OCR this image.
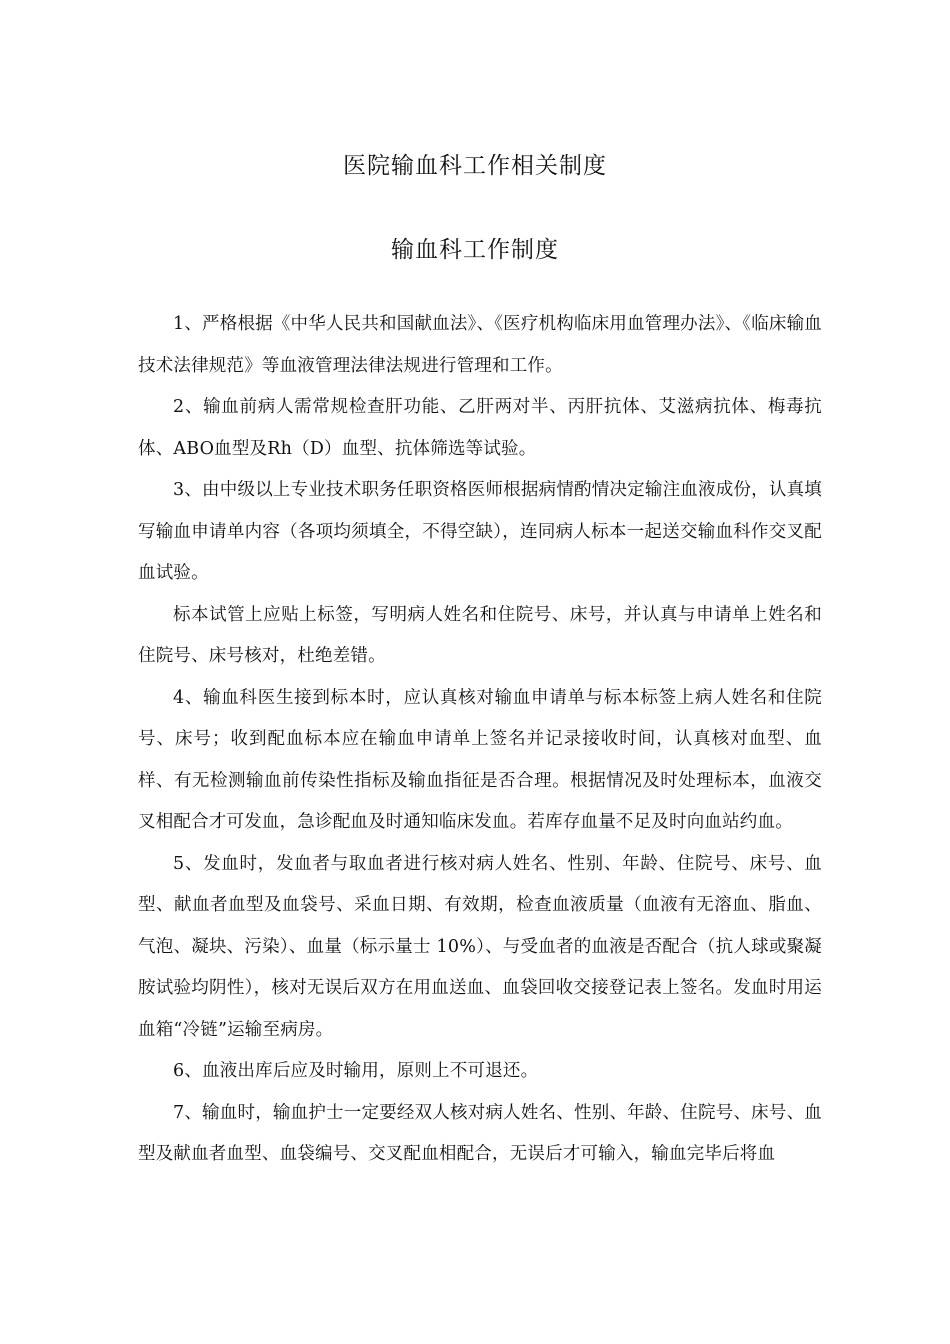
医院输血科工作相关制度
输血科工作制度

1、严格根据《中华人民共和国献血法》、《医疗机构临床用血管理办法》、《临床输血技术法律规范》等血液管理法律法规进行管理和工作。

2、输血前病人需常规检查肝功能、乙肝两对半、丙肝抗体、艾滋病抗体、梅毒抗体、ABO血型及Rh（D）血型、抗体筛选等试验。

3、由中级以上专业技术职务任职资格医师根据病情酌情决定输注血液成份，认真填写输血申请单内容（各项均须填全，不得空缺），连同病人标本一起送交输血科作交叉配血试验。

标本试管上应贴上标签，写明病人姓名和住院号、床号，并认真与申请单上姓名和住院号、床号核对，杜绝差错。

4、输血科医生接到标本时，应认真核对输血申请单与标本标签上病人姓名和住院号、床号；收到配血标本应在输血申请单上签名并记录接收时间，认真核对血型、血样、有无检测输血前传染性指标及输血指征是否合理。根据情况及时处理标本，血液交叉相配合才可发血，急诊配血及时通知临床发血。若库存血量不足及时向血站约血。

5、发血时，发血者与取血者进行核对病人姓名、性别、年龄、住院号、床号、血型、献血者血型及血袋号、采血日期、有效期，检查血液质量（血液有无溶血、脂血、气泡、凝块、污染）、血量（标示量士 10%）、与受血者的血液是否配合（抗人球或聚凝胺试验均阴性），核对无误后双方在用血送血、血袋回收交接登记表上签名。发血时用运血箱“冷链”运输至病房。

6、血液出库后应及时输用，原则上不可退还。

7、输血时，输血护士一定要经双人核对病人姓名、性别、年龄、住院号、床号、血型及献血者血型、血袋编号、交叉配血相配合，无误后才可输入，输血完毕后将血
